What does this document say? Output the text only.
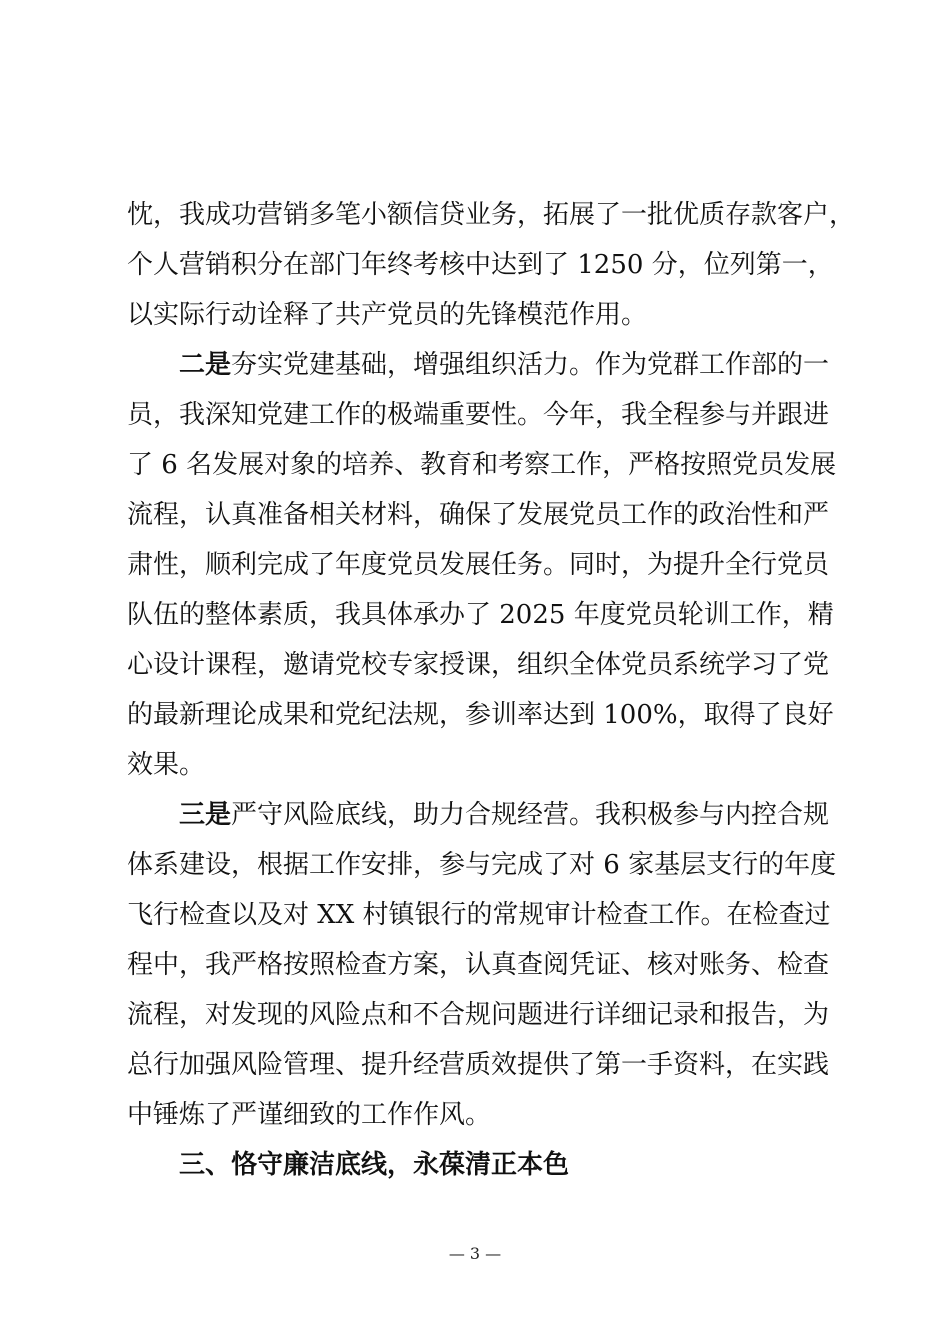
忱，我成功营销多笔小额信贷业务，拓展了一批优质存款客户，
个人营销积分在部门年终考核中达到了 1250 分，位列第一，
以实际行动诠释了共产党员的先锋模范作用。
二是夯实党建基础，增强组织活力。作为党群工作部的一
员，我深知党建工作的极端重要性。今年，我全程参与并跟进
了 6 名发展对象的培养、教育和考察工作，严格按照党员发展
流程，认真准备相关材料，确保了发展党员工作的政治性和严
肃性，顺利完成了年度党员发展任务。同时，为提升全行党员
队伍的整体素质，我具体承办了 2025 年度党员轮训工作，精
心设计课程，邀请党校专家授课，组织全体党员系统学习了党
的最新理论成果和党纪法规，参训率达到 100%，取得了良好
效果。
三是严守风险底线，助力合规经营。我积极参与内控合规
体系建设，根据工作安排，参与完成了对 6 家基层支行的年度
飞行检查以及对 XX 村镇银行的常规审计检查工作。在检查过
程中，我严格按照检查方案，认真查阅凭证、核对账务、检查
流程，对发现的风险点和不合规问题进行详细记录和报告，为
总行加强风险管理、提升经营质效提供了第一手资料，在实践
中锤炼了严谨细致的工作作风。
三、恪守廉洁底线，永葆清正本色
— 3 —
